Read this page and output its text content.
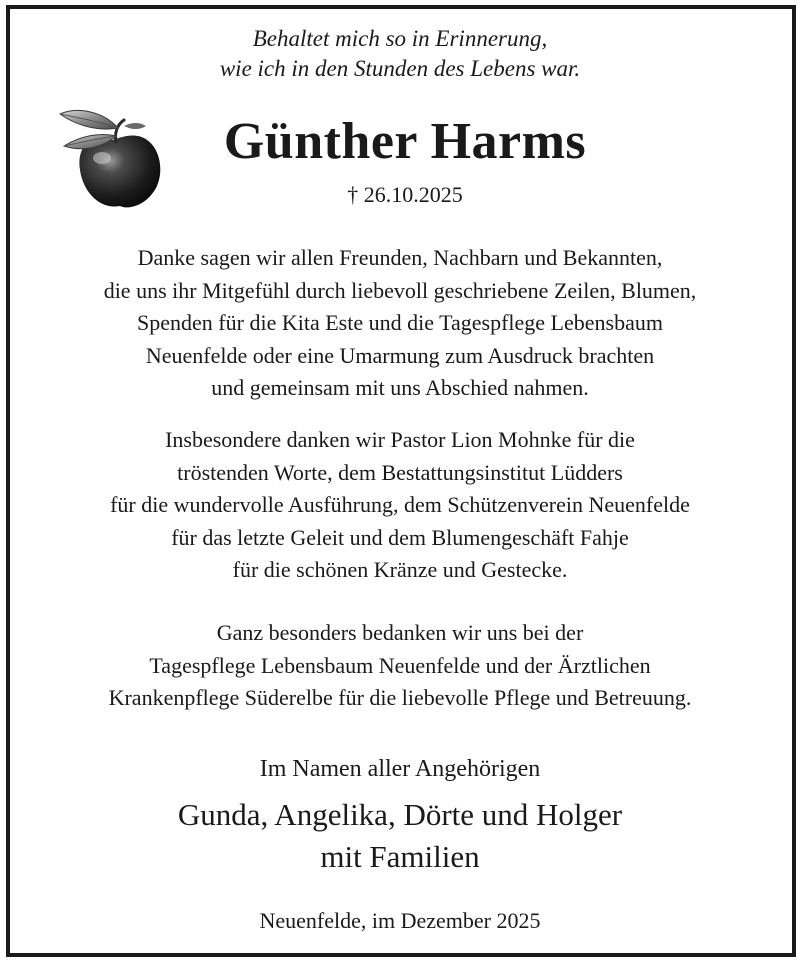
Behaltet mich so in Erinnerung,
wie ich in den Stunden des Lebens war.
Günther Harms
† 26.10.2025
Danke sagen wir allen Freunden, Nachbarn und Bekannten,
die uns ihr Mitgefühl durch liebevoll geschriebene Zeilen, Blumen,
Spenden für die Kita Este und die Tagespflege Lebensbaum
Neuenfelde oder eine Umarmung zum Ausdruck brachten
und gemeinsam mit uns Abschied nahmen.
Insbesondere danken wir Pastor Lion Mohnke für die
tröstenden Worte, dem Bestattungsinstitut Lüdders
für die wundervolle Ausführung, dem Schützenverein Neuenfelde
für das letzte Geleit und dem Blumengeschäft Fahje
für die schönen Kränze und Gestecke.
Ganz besonders bedanken wir uns bei der
Tagespflege Lebensbaum Neuenfelde und der Ärztlichen
Krankenpflege Süderelbe für die liebevolle Pflege und Betreuung.
Im Namen aller Angehörigen
Gunda, Angelika, Dörte und Holger
mit Familien
Neuenfelde, im Dezember 2025
